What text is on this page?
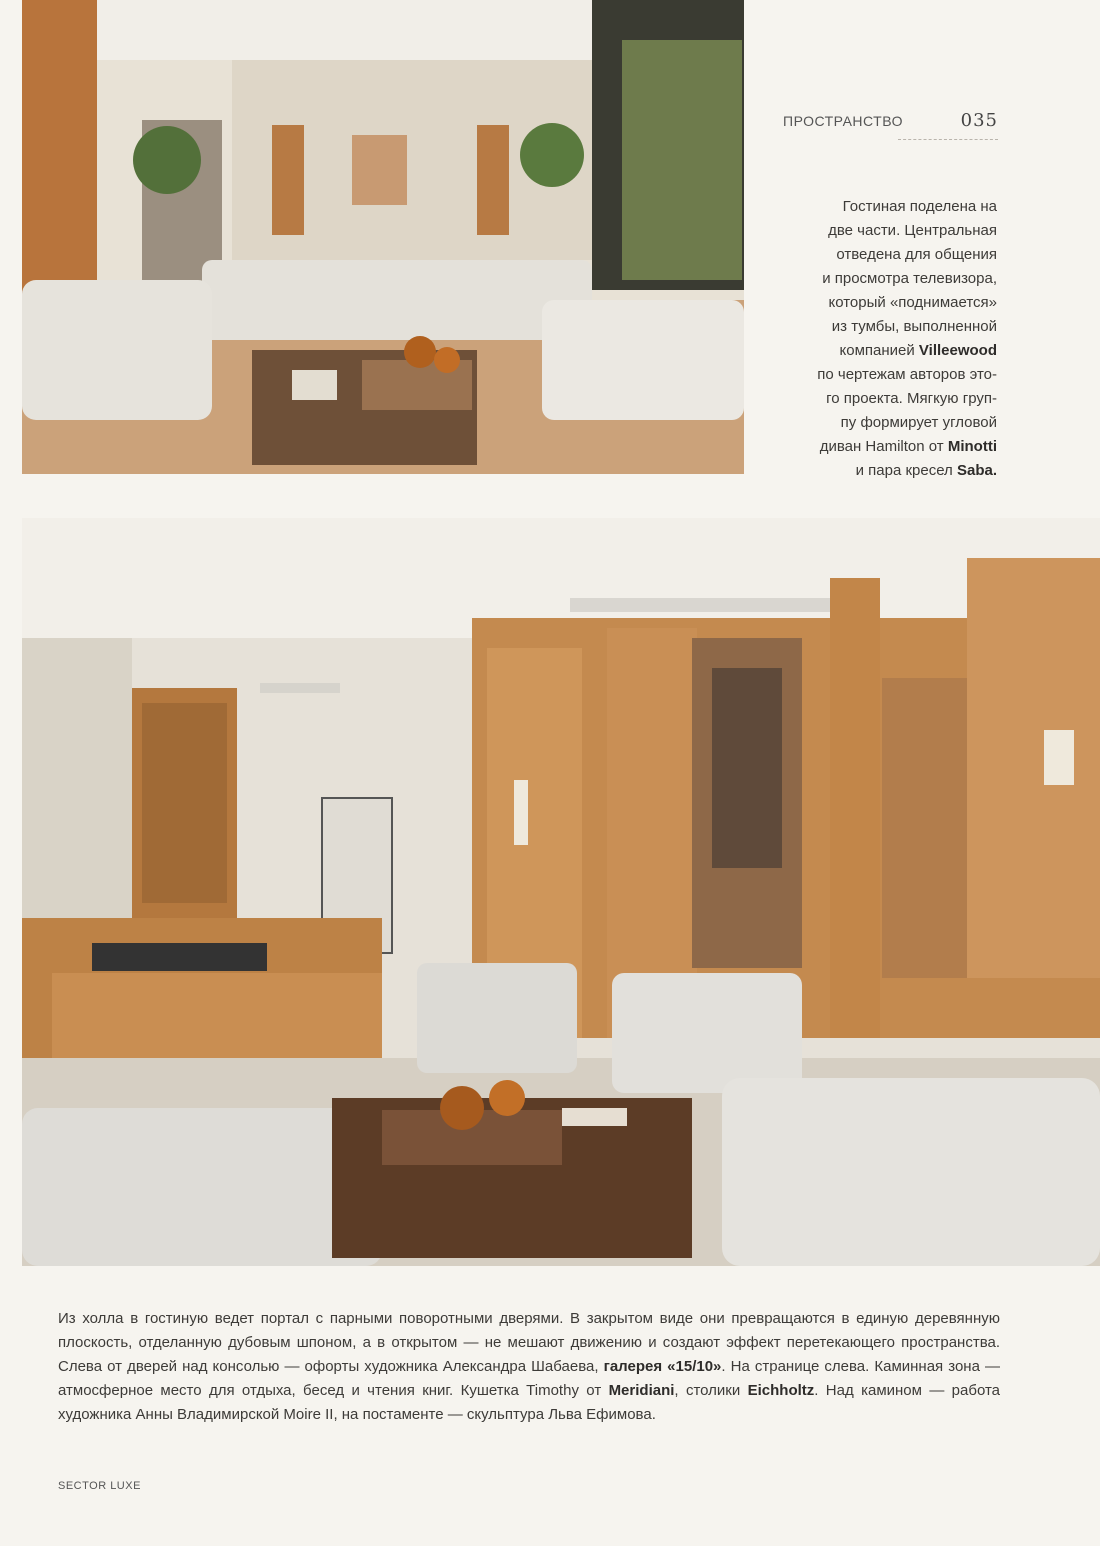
ПРОСТРАНСТВО	035
Гостиная поделена на
две части. Центральная
отведена для общения
и просмотра телевизора,
который «поднимается»
из тумбы, выполненной
компанией Villeewood
по чертежам авторов это-
го проекта. Мягкую груп-
пу формирует угловой
диван Hamilton от Minotti
и пара кресел Saba.
Из холла в гостиную ведет портал с парными поворотными дверями. В закрытом виде они превращаются в единую деревянную плоскость, отделанную дубовым шпоном, а в открытом — не мешают движению и создают эффект перетекающего пространства. Слева от дверей над консолью — офорты художника Александра Шабаева, галерея «15/10». На странице слева. Каминная зона — атмосферное место для отдыха, бесед и чтения книг. Кушетка Timothy от Meridiani, столики Eichholtz. Над камином — работа художника Анны Владимирской Moire II, на постаменте — скульптура Льва Ефимова.
SECTOR LUXE
